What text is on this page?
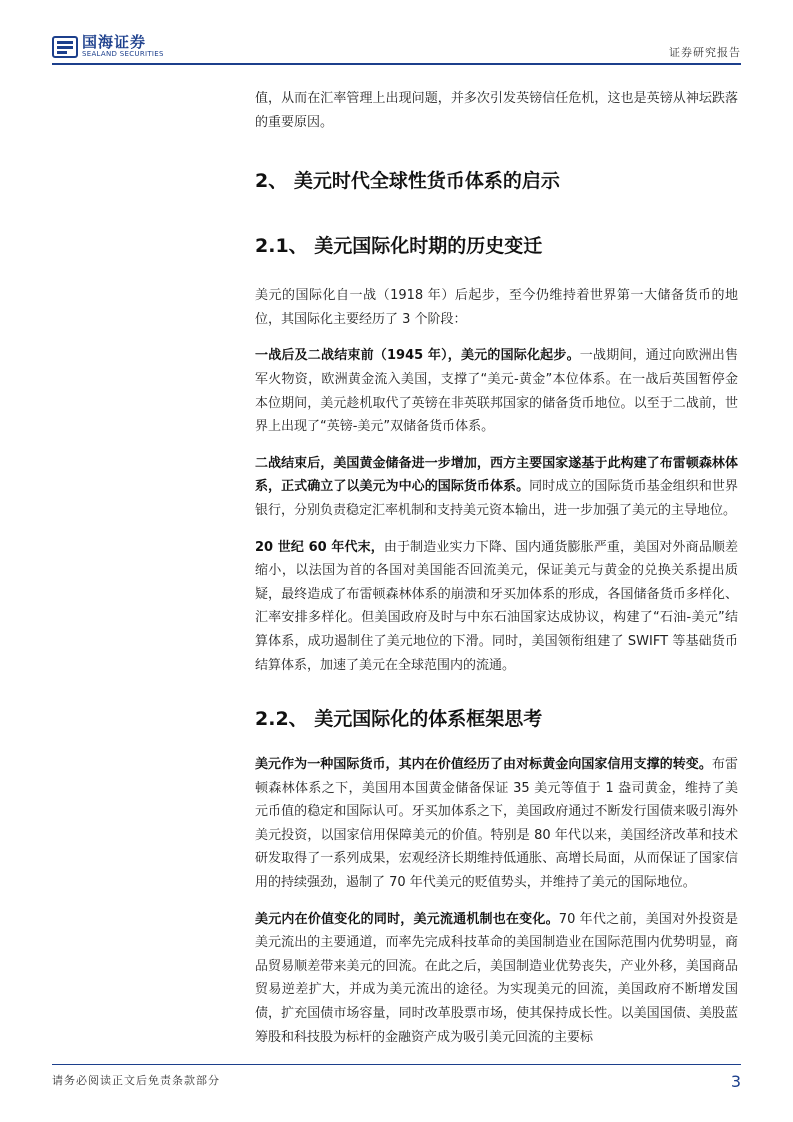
国海证券
SEALAND SECURITIES	证券研究报告

值，从而在汇率管理上出现问题，并多次引发英镑信任危机，这也是英镑从神坛跌落的重要原因。

2、 美元时代全球性货币体系的启示
2.1、 美元国际化时期的历史变迁

美元的国际化自一战（1918 年）后起步，至今仍维持着世界第一大储备货币的地位，其国际化主要经历了 3 个阶段：

一战后及二战结束前（1945 年），美元的国际化起步。一战期间，通过向欧洲出售军火物资，欧洲黄金流入美国，支撑了“美元-黄金”本位体系。在一战后英国暂停金本位期间，美元趁机取代了英镑在非英联邦国家的储备货币地位。以至于二战前，世界上出现了“英镑-美元”双储备货币体系。

二战结束后，美国黄金储备进一步增加，西方主要国家遂基于此构建了布雷顿森林体系，正式确立了以美元为中心的国际货币体系。同时成立的国际货币基金组织和世界银行，分别负责稳定汇率机制和支持美元资本输出，进一步加强了美元的主导地位。

20 世纪 60 年代末，由于制造业实力下降、国内通货膨胀严重，美国对外商品顺差缩小，以法国为首的各国对美国能否回流美元，保证美元与黄金的兑换关系提出质疑，最终造成了布雷顿森林体系的崩溃和牙买加体系的形成，各国储备货币多样化、汇率安排多样化。但美国政府及时与中东石油国家达成协议，构建了“石油-美元”结算体系，成功遏制住了美元地位的下滑。同时，美国领衔组建了 SWIFT 等基础货币结算体系，加速了美元在全球范围内的流通。

2.2、 美元国际化的体系框架思考

美元作为一种国际货币，其内在价值经历了由对标黄金向国家信用支撑的转变。布雷顿森林体系之下，美国用本国黄金储备保证 35 美元等值于 1 盎司黄金，维持了美元币值的稳定和国际认可。牙买加体系之下，美国政府通过不断发行国债来吸引海外美元投资，以国家信用保障美元的价值。特别是 80 年代以来，美国经济改革和技术研发取得了一系列成果，宏观经济长期维持低通胀、高增长局面，从而保证了国家信用的持续强劲，遏制了 70 年代美元的贬值势头，并维持了美元的国际地位。

美元内在价值变化的同时，美元流通机制也在变化。70 年代之前，美国对外投资是美元流出的主要通道，而率先完成科技革命的美国制造业在国际范围内优势明显，商品贸易顺差带来美元的回流。在此之后，美国制造业优势丧失，产业外移，美国商品贸易逆差扩大，并成为美元流出的途径。为实现美元的回流，美国政府不断增发国债，扩充国债市场容量，同时改革股票市场，使其保持成长性。以美国国债、美股蓝筹股和科技股为标杆的金融资产成为吸引美元回流的主要标

请务必阅读正文后免责条款部分	3
